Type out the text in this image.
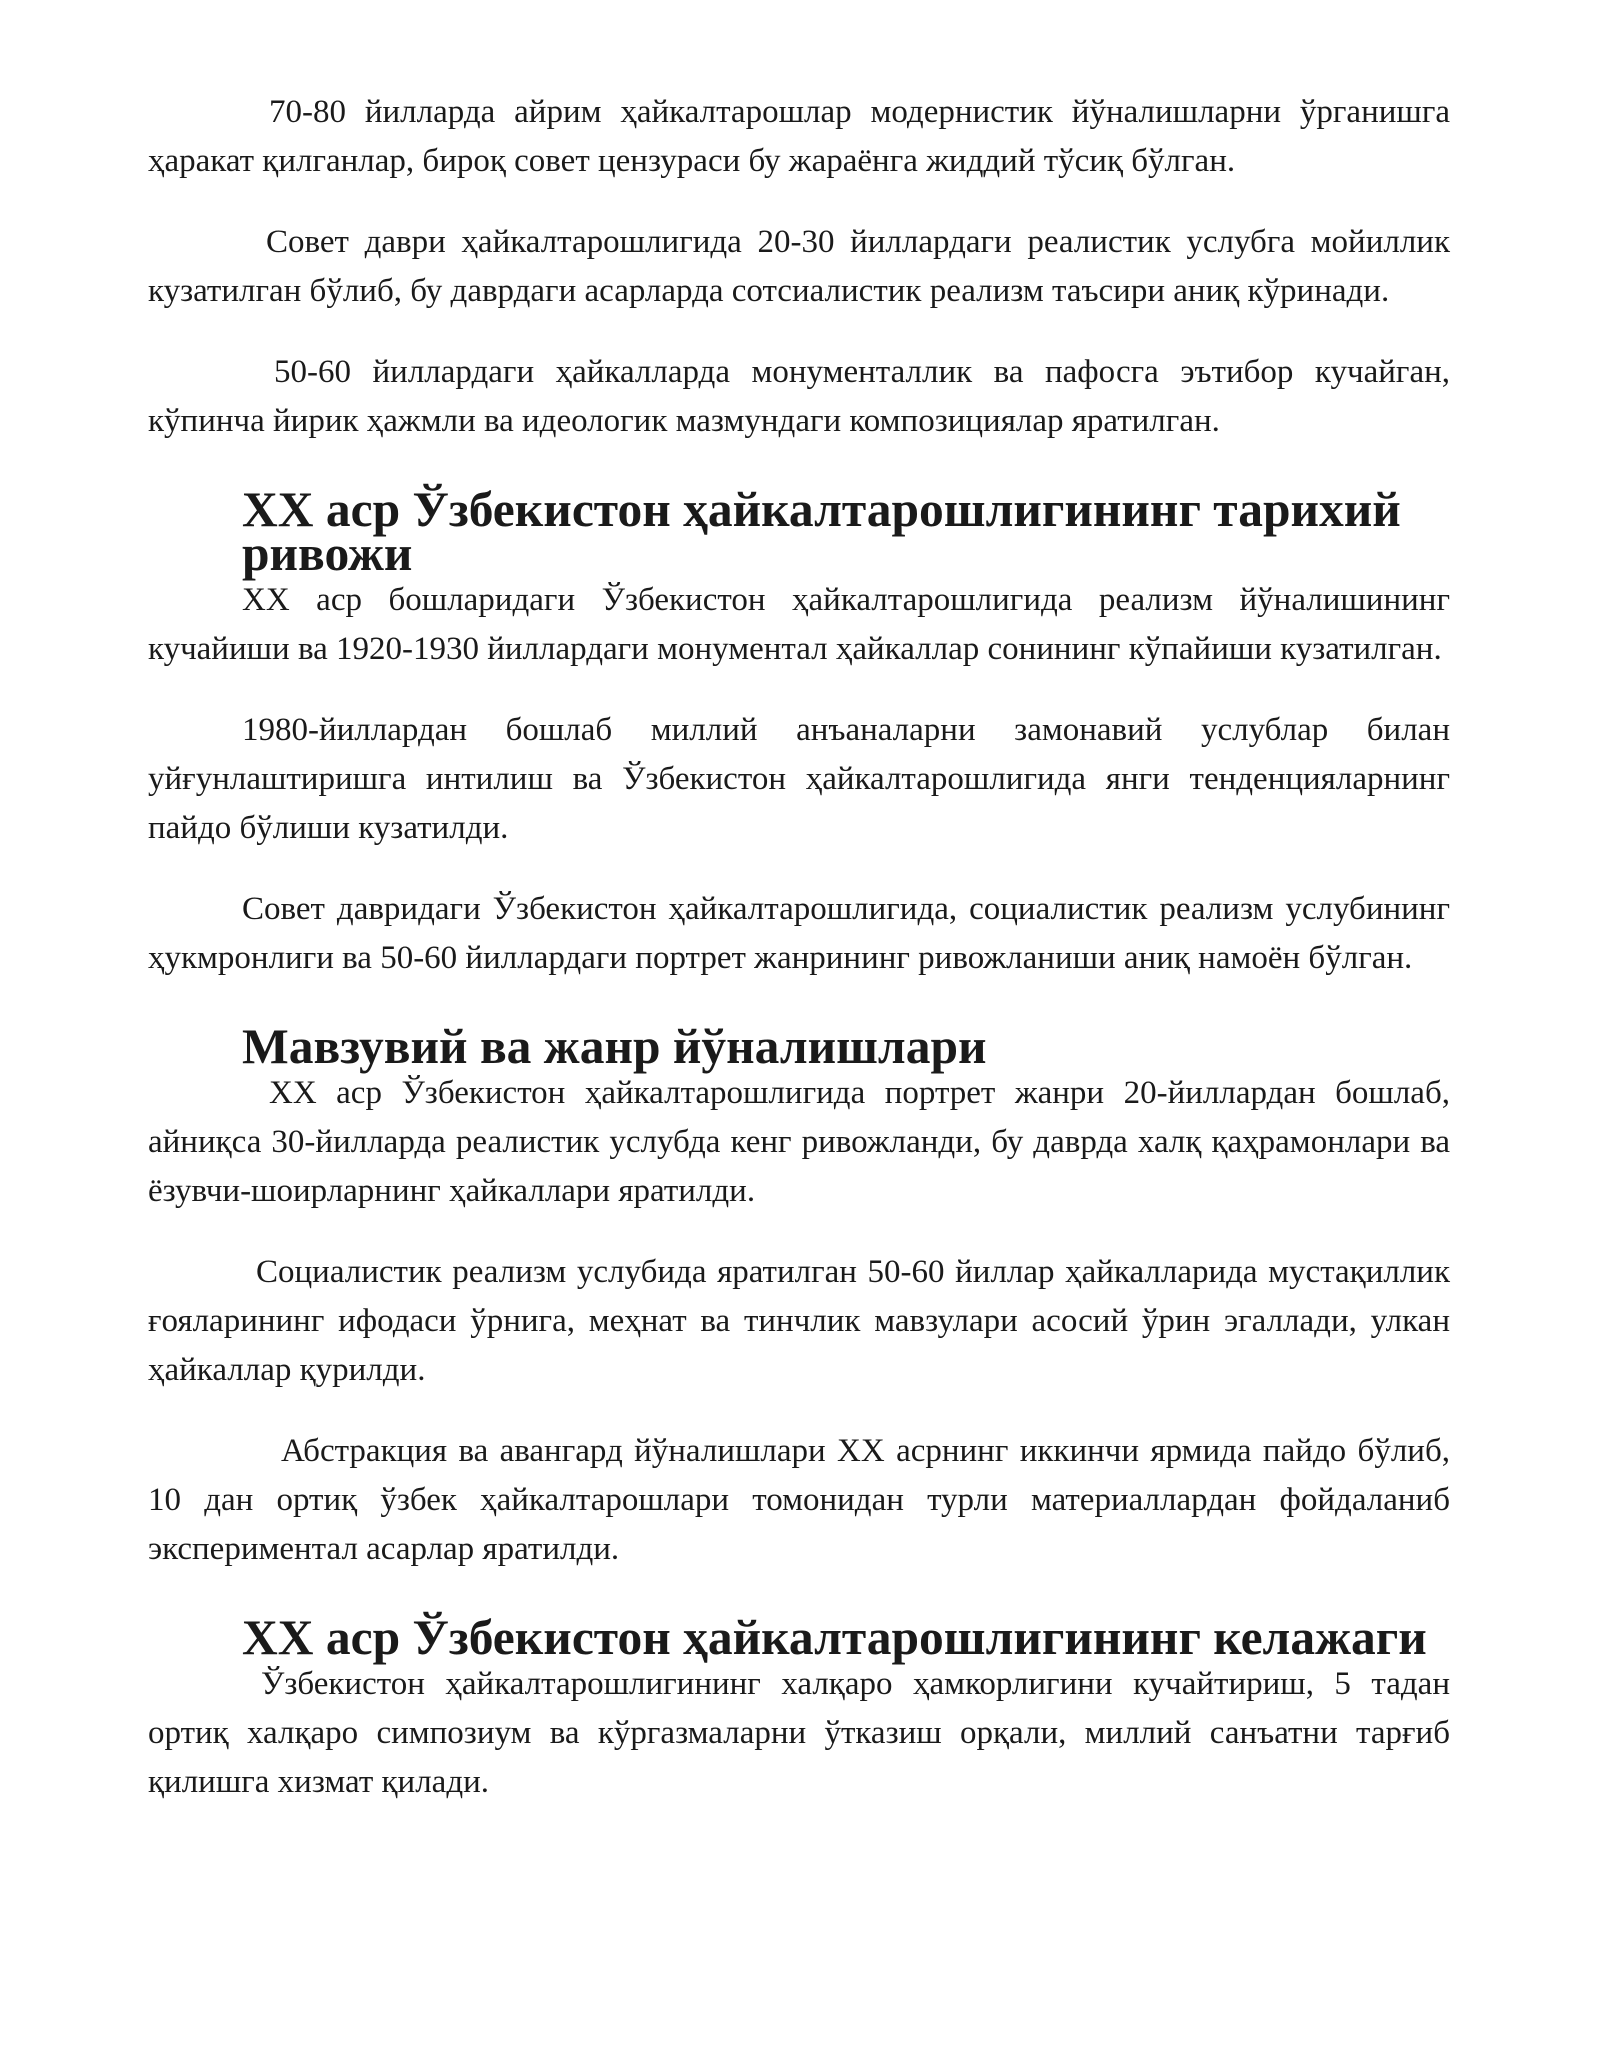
70-80 йилларда айрим ҳайкалтарошлар модернистик йўналишларни ўрганишга ҳаракат қилганлар, бироқ совет цензураси бу жараёнга жиддий тўсиқ бўлган.

Совет даври ҳайкалтарошлигида 20-30 йиллардаги реалистик услубга мойиллик кузатилган бўлиб, бу даврдаги асарларда сотсиалистик реализм таъсири аниқ кўринади.

50-60 йиллардаги ҳайкалларда монументаллик ва пафосга эътибор кучайган, кўпинча йирик ҳажмли ва идеологик мазмундаги композициялар яратилган.

XX аср Ўзбекистон ҳайкалтарошлигининг тарихий ривожи

XX аср бошларидаги Ўзбекистон ҳайкалтарошлигида реализм йўналишининг кучайиши ва 1920-1930 йиллардаги монументал ҳайкаллар сонининг кўпайиши кузатилган.

1980-йиллардан бошлаб миллий анъаналарни замонавий услублар билан уйғунлаштиришга интилиш ва Ўзбекистон ҳайкалтарошлигида янги тенденцияларнинг пайдо бўлиши кузатилди.

Совет давридаги Ўзбекистон ҳайкалтарошлигида, социалистик реализм услубининг ҳукмронлиги ва 50-60 йиллардаги портрет жанрининг ривожланиши аниқ намоён бўлган.

Мавзувий ва жанр йўналишлари

XX аср Ўзбекистон ҳайкалтарошлигида портрет жанри 20-йиллардан бошлаб, айниқса 30-йилларда реалистик услубда кенг ривожланди, бу даврда халқ қаҳрамонлари ва ёзувчи-шоирларнинг ҳайкаллари яратилди.

Социалистик реализм услубида яратилган 50-60 йиллар ҳайкалларида мустақиллик ғояларининг ифодаси ўрнига, меҳнат ва тинчлик мавзулари асосий ўрин эгаллади, улкан ҳайкаллар қурилди.

Абстракция ва авангард йўналишлари XX асрнинг иккинчи ярмида пайдо бўлиб, 10 дан ортиқ ўзбек ҳайкалтарошлари томонидан турли материаллардан фойдаланиб экспериментал асарлар яратилди.

XX аср Ўзбекистон ҳайкалтарошлигининг келажаги

Ўзбекистон ҳайкалтарошлигининг халқаро ҳамкорлигини кучайтириш, 5 тадан ортиқ халқаро симпозиум ва кўргазмаларни ўтказиш орқали, миллий санъатни тарғиб қилишга хизмат қилади.
